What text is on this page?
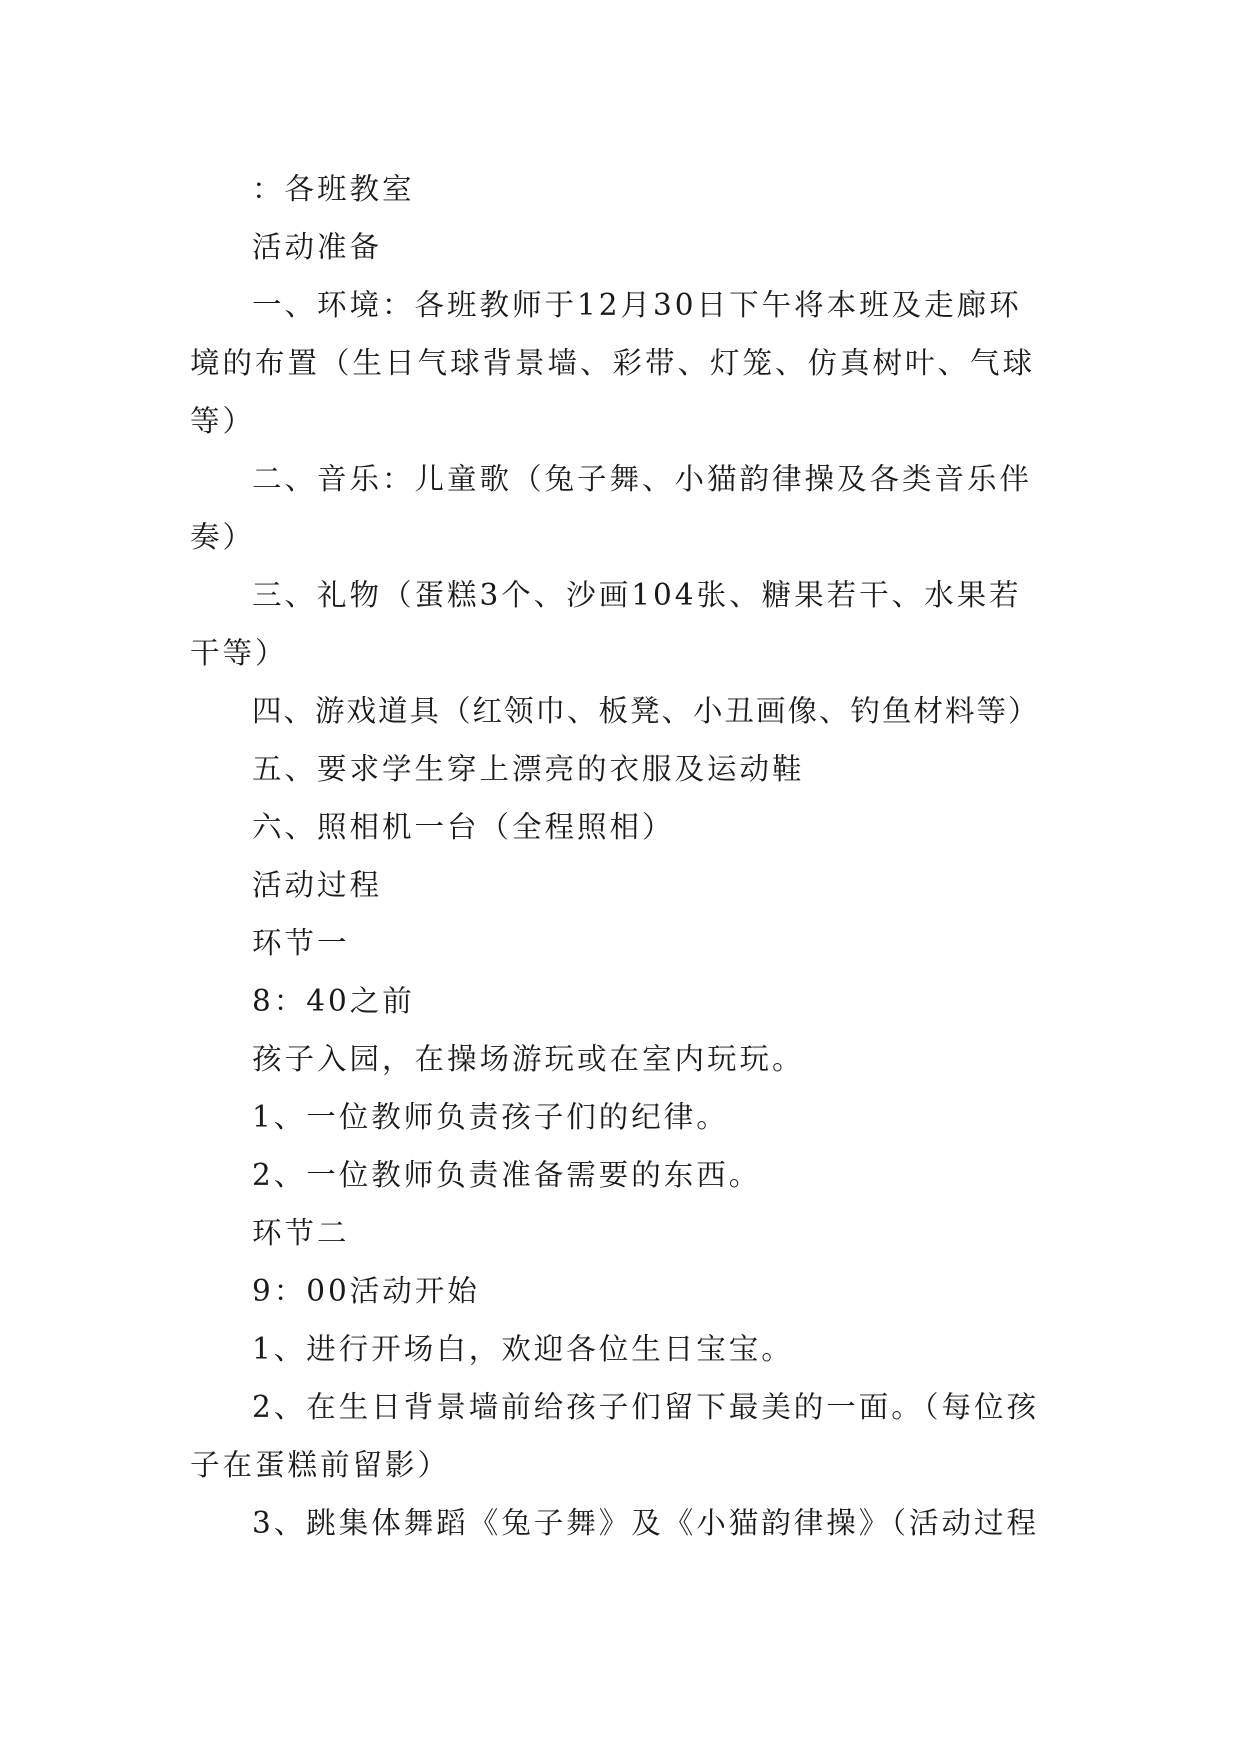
：各班教室

活动准备

一、环境：各班教师于12月30日下午将本班及走廊环境的布置（生日气球背景墙、彩带、灯笼、仿真树叶、气球等）

二、音乐：儿童歌（兔子舞、小猫韵律操及各类音乐伴奏）

三、礼物（蛋糕3个、沙画104张、糖果若干、水果若干等）

四、游戏道具（红领巾、板凳、小丑画像、钓鱼材料等）

五、要求学生穿上漂亮的衣服及运动鞋

六、照相机一台（全程照相）

活动过程

环节一

8：40之前

孩子入园，在操场游玩或在室内玩玩。

1、一位教师负责孩子们的纪律。

2、一位教师负责准备需要的东西。

环节二

9：00活动开始

1、进行开场白，欢迎各位生日宝宝。

2、在生日背景墙前给孩子们留下最美的一面。（每位孩子在蛋糕前留影）

3、跳集体舞蹈《兔子舞》及《小猫韵律操》（活动过程
